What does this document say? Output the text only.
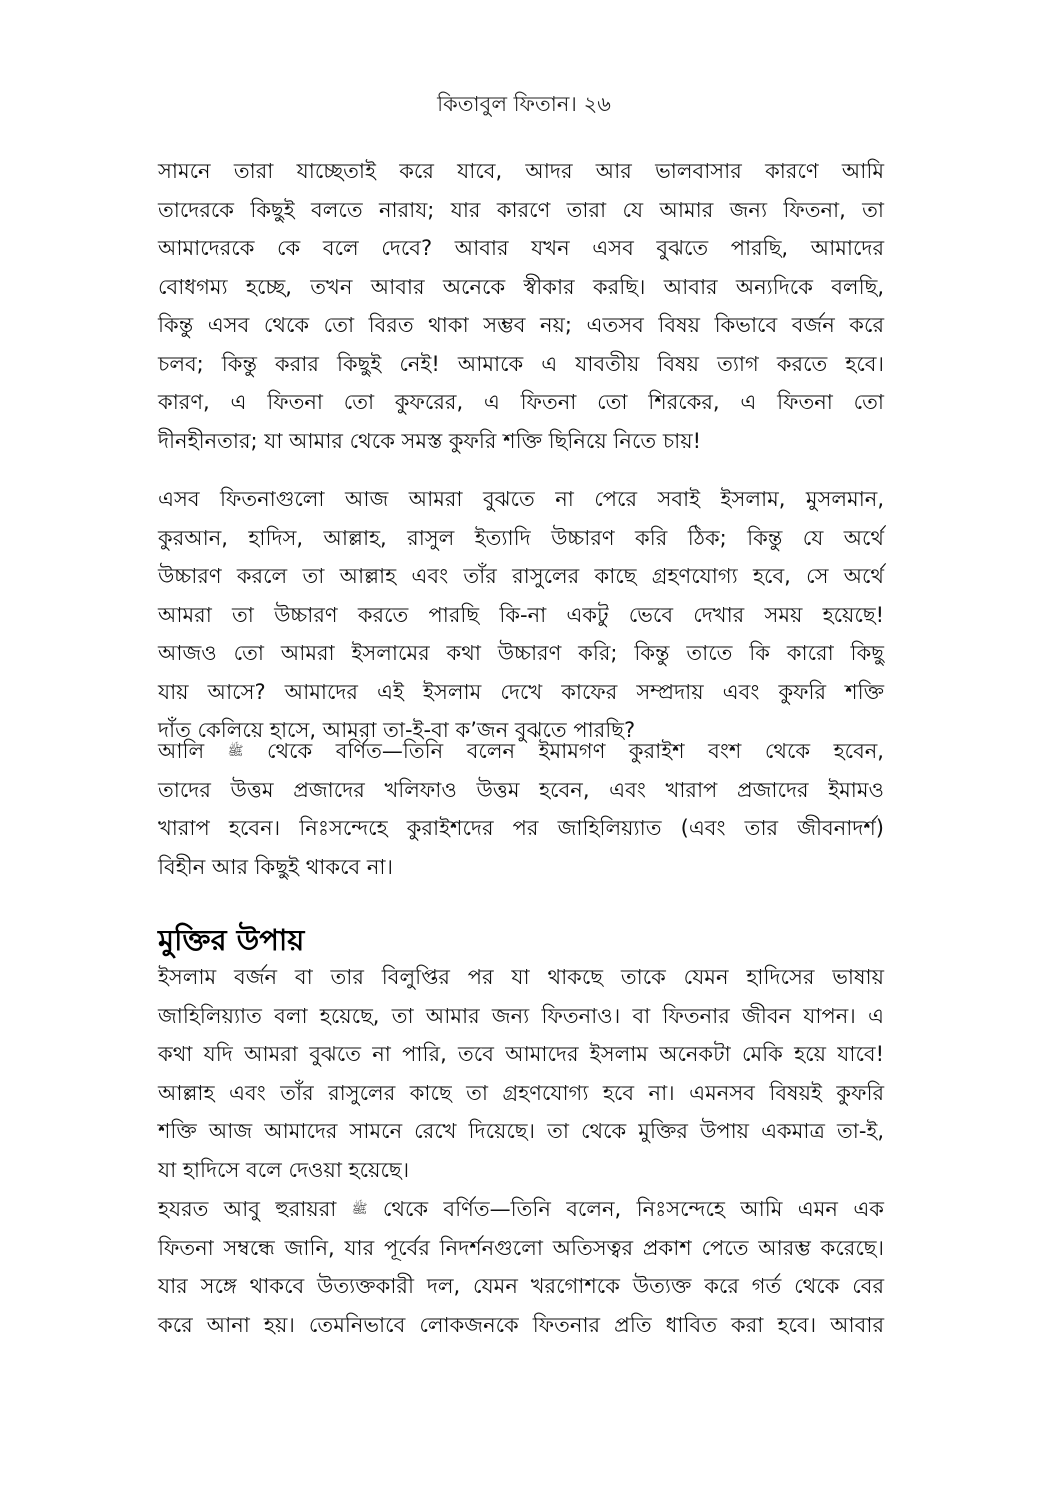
কিতাবুল ফিতান। ২৬
সামনে তারা যাচ্ছেতাই করে যাবে, আদর আর ভালবাসার কারণে আমি
তাদেরকে কিছুই বলতে নারায; যার কারণে তারা যে আমার জন্য ফিতনা, তা
আমাদেরকে কে বলে দেবে? আবার যখন এসব বুঝতে পারছি, আমাদের
বোধগম্য হচ্ছে, তখন আবার অনেকে স্বীকার করছি। আবার অন্যদিকে বলছি,
কিন্তু এসব থেকে তো বিরত থাকা সম্ভব নয়; এতসব বিষয় কিভাবে বর্জন করে
চলব; কিন্তু করার কিছুই নেই! আমাকে এ যাবতীয় বিষয় ত্যাগ করতে হবে।
কারণ, এ ফিতনা তো কুফরের, এ ফিতনা তো শিরকের, এ ফিতনা তো
দীনহীনতার; যা আমার থেকে সমস্ত কুফরি শক্তি ছিনিয়ে নিতে চায়!
এসব ফিতনাগুলো আজ আমরা বুঝতে না পেরে সবাই ইসলাম, মুসলমান,
কুরআন, হাদিস, আল্লাহ, রাসুল ইত্যাদি উচ্চারণ করি ঠিক; কিন্তু যে অর্থে
উচ্চারণ করলে তা আল্লাহ এবং তাঁর রাসুলের কাছে গ্রহণযোগ্য হবে, সে অর্থে
আমরা তা উচ্চারণ করতে পারছি কি-না একটু ভেবে দেখার সময় হয়েছে!
আজও তো আমরা ইসলামের কথা উচ্চারণ করি; কিন্তু তাতে কি কারো কিছু
যায় আসে? আমাদের এই ইসলাম দেখে কাফের সম্প্রদায় এবং কুফরি শক্তি
দাঁত কেলিয়ে হাসে, আমরা তা-ই-বা ক’জন বুঝতে পারছি?
আলি ﷺ থেকে বর্ণিত—তিনি বলেন ইমামগণ কুরাইশ বংশ থেকে হবেন,
তাদের উত্তম প্রজাদের খলিফাও উত্তম হবেন, এবং খারাপ প্রজাদের ইমামও
খারাপ হবেন। নিঃসন্দেহে কুরাইশদের পর জাহিলিয়্যাত (এবং তার জীবনাদর্শ)
বিহীন আর কিছুই থাকবে না।
মুক্তির উপায়
ইসলাম বর্জন বা তার বিলুপ্তির পর যা থাকছে তাকে যেমন হাদিসের ভাষায়
জাহিলিয়্যাত বলা হয়েছে, তা আমার জন্য ফিতনাও। বা ফিতনার জীবন যাপন। এ
কথা যদি আমরা বুঝতে না পারি, তবে আমাদের ইসলাম অনেকটা মেকি হয়ে যাবে!
আল্লাহ এবং তাঁর রাসুলের কাছে তা গ্রহণযোগ্য হবে না। এমনসব বিষয়ই কুফরি
শক্তি আজ আমাদের সামনে রেখে দিয়েছে। তা থেকে মুক্তির উপায় একমাত্র তা-ই,
যা হাদিসে বলে দেওয়া হয়েছে।
হযরত আবু হুরায়রা ﷺ থেকে বর্ণিত—তিনি বলেন, নিঃসন্দেহে আমি এমন এক
ফিতনা সম্বন্ধে জানি, যার পূর্বের নিদর্শনগুলো অতিসত্বর প্রকাশ পেতে আরম্ভ করেছে।
যার সঙ্গে থাকবে উত্যক্তকারী দল, যেমন খরগোশকে উত্যক্ত করে গর্ত থেকে বের
করে আনা হয়। তেমনিভাবে লোকজনকে ফিতনার প্রতি ধাবিত করা হবে। আবার
